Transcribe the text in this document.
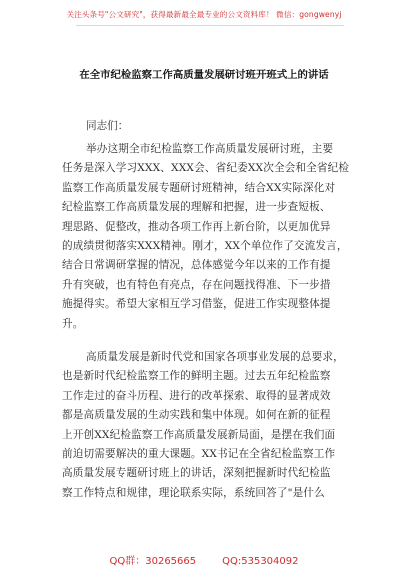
关注头条号"公文研究"，获得最新最全最专业的公文资料库！ 微信：gongwenyj
在全市纪检监察工作高质量发展研讨班开班式上的讲话
同志们：
举办这期全市纪检监察工作高质量发展研讨班，主要
任务是深入学习XXX、XXX会、省纪委XX次全会和全省纪检
监察工作高质量发展专题研讨班精神，结合XX实际深化对
纪检监察工作高质量发展的理解和把握，进一步查短板、
理思路、促整改，推动各项工作再上新台阶，以更加优异
的成绩贯彻落实XXX精神。刚才，XX个单位作了交流发言，
结合日常调研掌握的情况，总体感觉今年以来的工作有提
升有突破，也有特色有亮点，存在问题找得准、下一步措
施提得实。希望大家相互学习借鉴，促进工作实现整体提
升。
高质量发展是新时代党和国家各项事业发展的总要求，
也是新时代纪检监察工作的鲜明主题。过去五年纪检监察
工作走过的奋斗历程、进行的改革探索、取得的显著成效
都是高质量发展的生动实践和集中体现。如何在新的征程
上开创XX纪检监察工作高质量发展新局面，是摆在我们面
前迫切需要解决的重大课题。XX书记在全省纪检监察工作
高质量发展专题研讨班上的讲话，深刻把握新时代纪检监
察工作特点和规律，理论联系实际，系统回答了"是什么
QQ群：30265665	QQ:535304092
